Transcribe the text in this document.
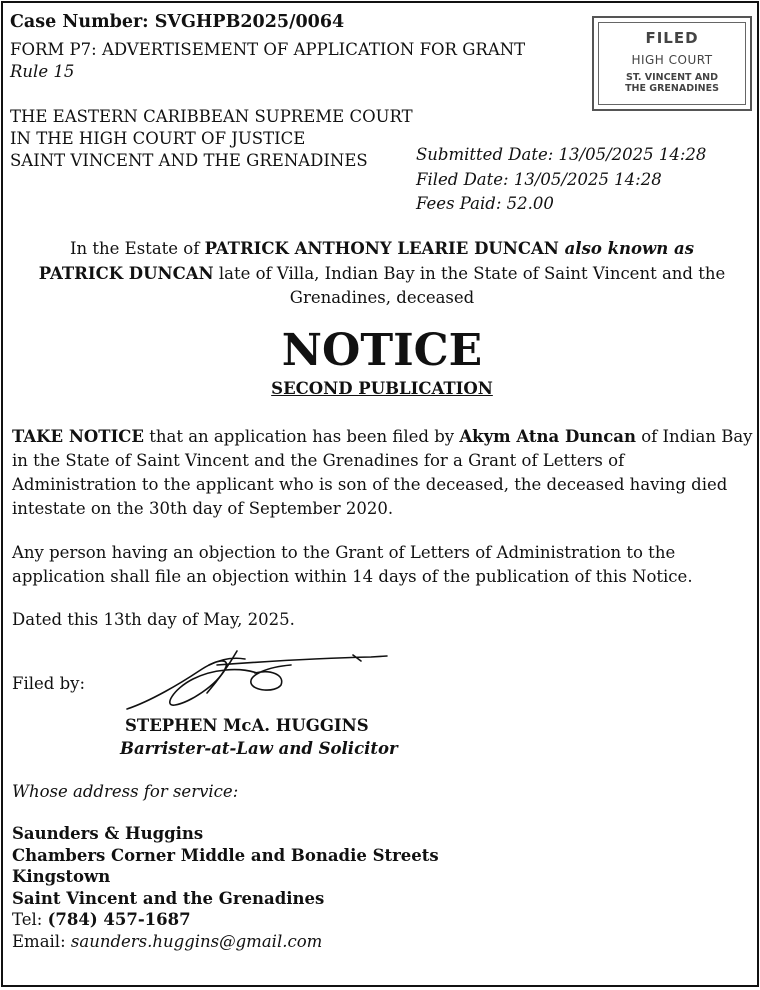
Case Number: SVGHPB2025/0064
FORM P7: ADVERTISEMENT OF APPLICATION FOR GRANT
Rule 15
THE EASTERN CARIBBEAN SUPREME COURT
IN THE HIGH COURT OF JUSTICE
SAINT VINCENT AND THE GRENADINES	Submitted Date: 13/05/2025 14:28
Filed Date: 13/05/2025 14:28
Fees Paid: 52.00
FILED
HIGH COURT
ST. VINCENT AND
THE GRENADINES
In the Estate of PATRICK ANTHONY LEARIE DUNCAN also known as
PATRICK DUNCAN late of Villa, Indian Bay in the State of Saint Vincent and the Grenadines, deceased
NOTICE
SECOND PUBLICATION
TAKE NOTICE that an application has been filed by Akym Atna Duncan of Indian Bay in the State of Saint Vincent and the Grenadines for a Grant of Letters of Administration to the applicant who is son of the deceased, the deceased having died intestate on the 30th day of September 2020.
Any person having an objection to the Grant of Letters of Administration to the application shall file an objection within 14 days of the publication of this Notice.
Dated this 13th day of May, 2025.
Filed by:
STEPHEN McA. HUGGINS
Barrister-at-Law and Solicitor
Whose address for service:
Saunders & Huggins
Chambers Corner Middle and Bonadie Streets
Kingstown
Saint Vincent and the Grenadines
Tel: (784) 457-1687
Email: saunders.huggins@gmail.com
